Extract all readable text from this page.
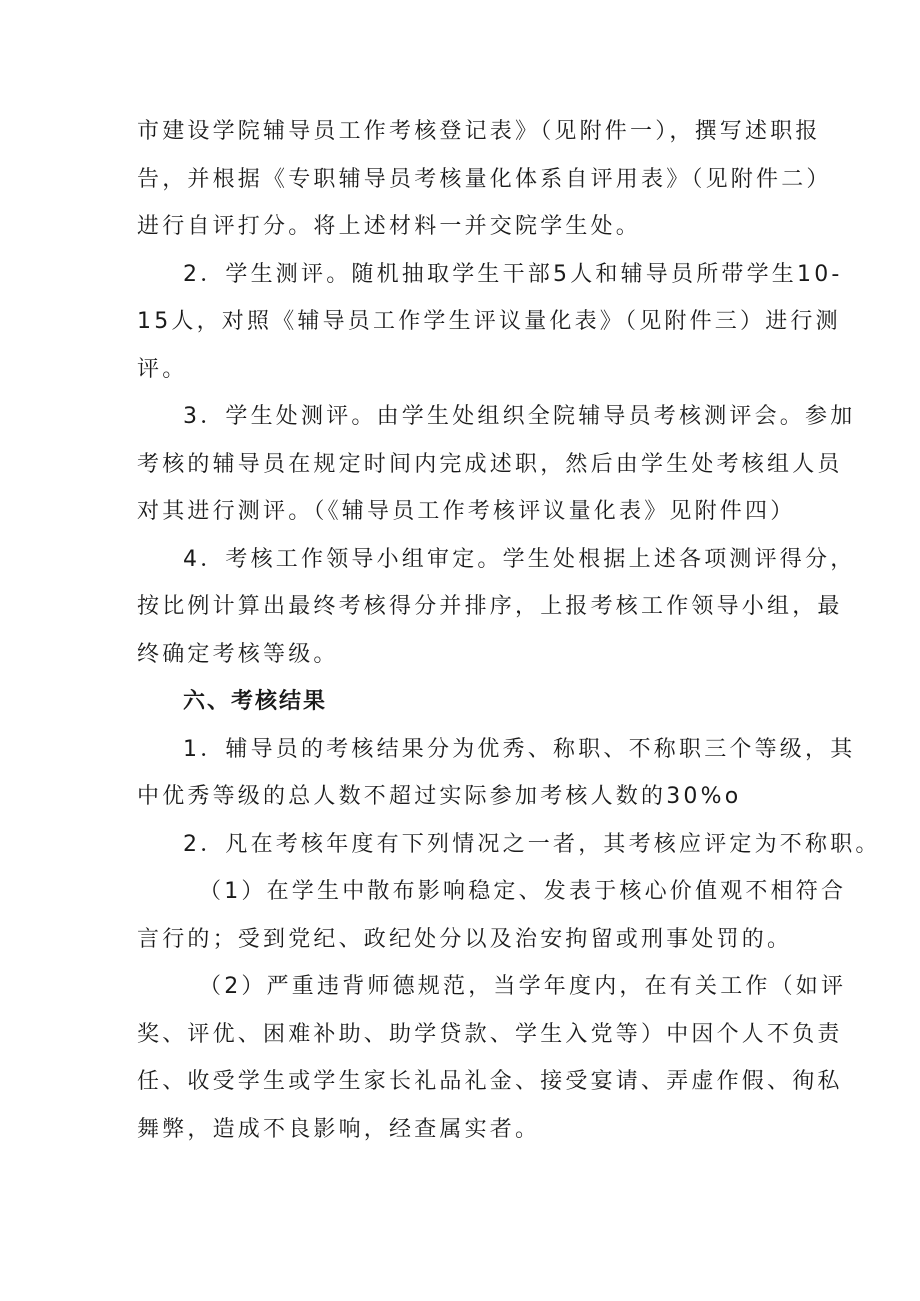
市建设学院辅导员工作考核登记表》（见附件一），撰写述职报
告，并根据《专职辅导员考核量化体系自评用表》（见附件二）
进行自评打分。将上述材料一并交院学生处。
2．学生测评。随机抽取学生干部5人和辅导员所带学生10-
15人，对照《辅导员工作学生评议量化表》（见附件三）进行测
评。
3．学生处测评。由学生处组织全院辅导员考核测评会。参加
考核的辅导员在规定时间内完成述职，然后由学生处考核组人员
对其进行测评。（《辅导员工作考核评议量化表》见附件四）
4．考核工作领导小组审定。学生处根据上述各项测评得分，
按比例计算出最终考核得分并排序，上报考核工作领导小组，最
终确定考核等级。
六、考核结果
1．辅导员的考核结果分为优秀、称职、不称职三个等级，其
中优秀等级的总人数不超过实际参加考核人数的30%o
2．凡在考核年度有下列情况之一者，其考核应评定为不称职。
（1）在学生中散布影响稳定、发表于核心价值观不相符合
言行的；受到党纪、政纪处分以及治安拘留或刑事处罚的。
（2）严重违背师德规范，当学年度内，在有关工作（如评
奖、评优、困难补助、助学贷款、学生入党等）中因个人不负责
任、收受学生或学生家长礼品礼金、接受宴请、弄虚作假、徇私
舞弊，造成不良影响，经查属实者。
